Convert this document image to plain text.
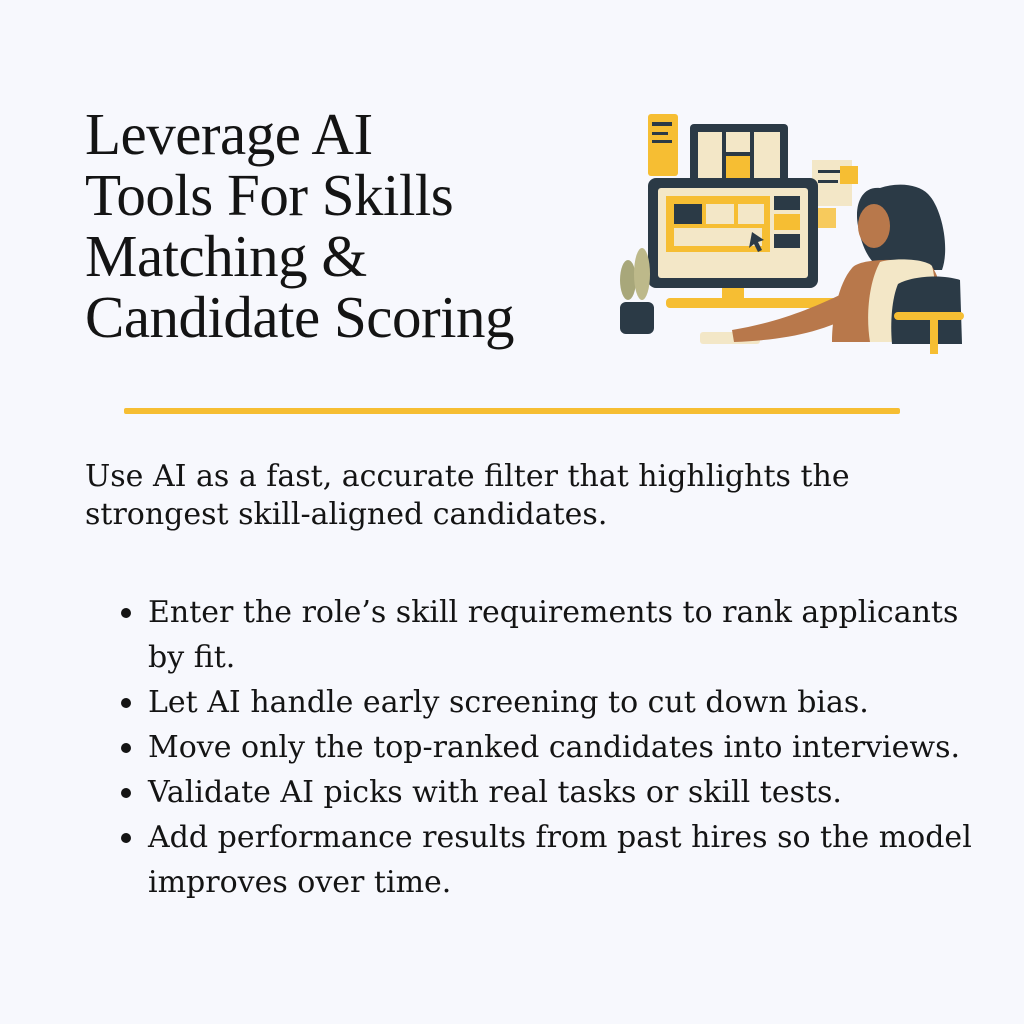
Leverage AI
Tools For Skills
Matching &
Candidate Scoring

Use AI as a fast, accurate filter that highlights the strongest skill-aligned candidates.

Enter the role’s skill requirements to rank applicants by fit.
Let AI handle early screening to cut down bias.
Move only the top-ranked candidates into interviews.
Validate AI picks with real tasks or skill tests.
Add performance results from past hires so the model improves over time.
